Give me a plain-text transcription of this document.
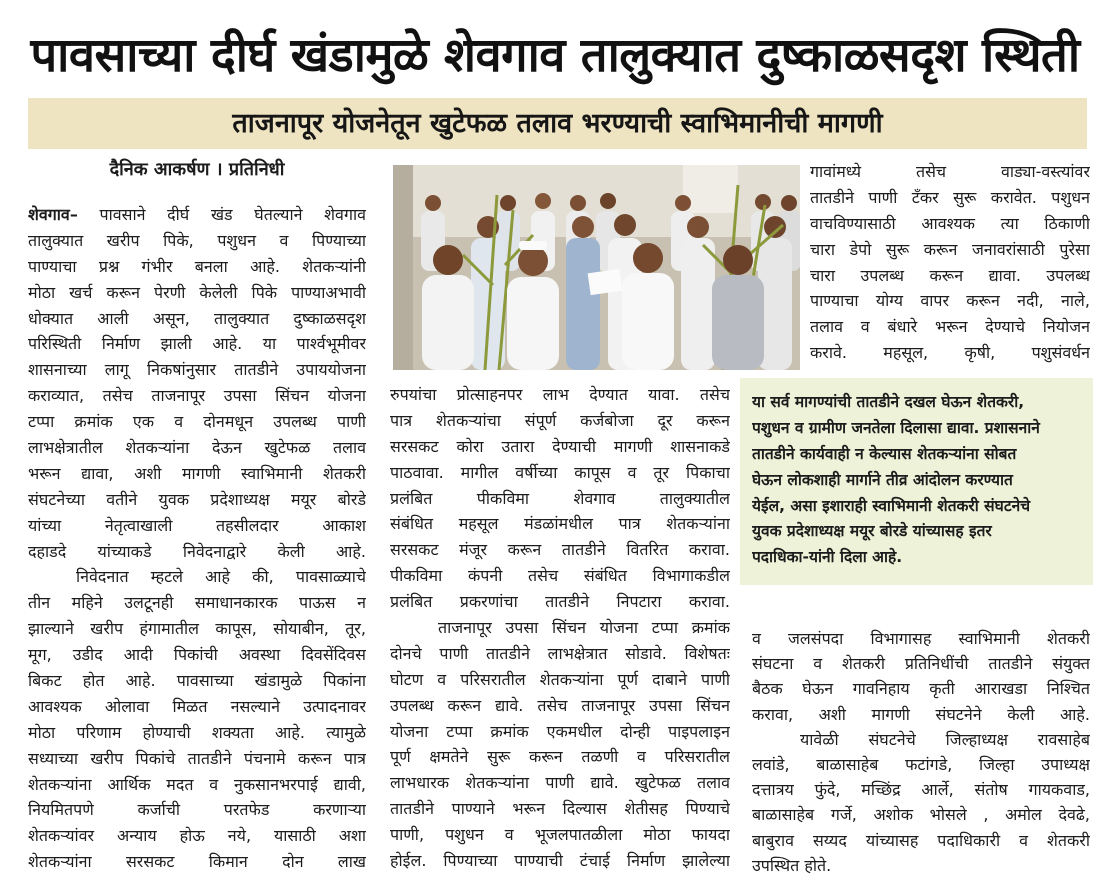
पावसाच्या दीर्घ खंडामुळे शेवगाव तालुक्यात दुष्काळसदृश स्थिती
ताजनापूर योजनेतून खुटेफळ तलाव भरण्याची स्वाभिमानीची मागणी
दैनिक आकर्षण । प्रतिनिधी
शेवगाव– पावसाने दीर्घ खंड घेतल्याने शेवगाव
तालुक्यात खरीप पिके, पशुधन व पिण्याच्या
पाण्याचा प्रश्न गंभीर बनला आहे. शेतकऱ्यांनी
मोठा खर्च करून पेरणी केलेली पिके पाण्याअभावी
धोक्यात आली असून, तालुक्यात दुष्काळसदृश
परिस्थिती निर्माण झाली आहे. या पार्श्वभूमीवर
शासनाच्या लागू निकषांनुसार तातडीने उपाययोजना
कराव्यात, तसेच ताजनापूर उपसा सिंचन योजना
टप्पा क्रमांक एक व दोनमधून उपलब्ध पाणी
लाभक्षेत्रातील शेतकऱ्यांना देऊन खुटेफळ तलाव
भरून द्यावा, अशी मागणी स्वाभिमानी शेतकरी
संघटनेच्या वतीने युवक प्रदेशाध्यक्ष मयूर बोरडे
यांच्या नेतृत्वाखाली तहसीलदार आकाश
दहाडदे यांच्याकडे निवेदनाद्वारे केली आहे.
निवेदनात म्हटले आहे की, पावसाळ्याचे
तीन महिने उलटूनही समाधानकारक पाऊस न
झाल्याने खरीप हंगामातील कापूस, सोयाबीन, तूर,
मूग, उडीद आदी पिकांची अवस्था दिवसेंदिवस
बिकट होत आहे. पावसाच्या खंडामुळे पिकांना
आवश्यक ओलावा मिळत नसल्याने उत्पादनावर
मोठा परिणाम होण्याची शक्यता आहे. त्यामुळे
सध्याच्या खरीप पिकांचे तातडीने पंचनामे करून पात्र
शेतकऱ्यांना आर्थिक मदत व नुकसानभरपाई द्यावी,
नियमितपणे कर्जाची परतफेड करणाऱ्या
शेतकऱ्यांवर अन्याय होऊ नये, यासाठी अशा
शेतकऱ्यांना सरसकट किमान दोन लाख
रुपयांचा प्रोत्साहनपर लाभ देण्यात यावा. तसेच
पात्र शेतकऱ्यांचा संपूर्ण कर्जबोजा दूर करून
सरसकट कोरा उतारा देण्याची मागणी शासनाकडे
पाठवावा. मागील वर्षीच्या कापूस व तूर पिकाचा
प्रलंबित पीकविमा शेवगाव तालुक्यातील
संबंधित महसूल मंडळांमधील पात्र शेतकऱ्यांना
सरसकट मंजूर करून तातडीने वितरित करावा.
पीकविमा कंपनी तसेच संबंधित विभागाकडील
प्रलंबित प्रकरणांचा तातडीने निपटारा करावा.
ताजनापूर उपसा सिंचन योजना टप्पा क्रमांक
दोनचे पाणी तातडीने लाभक्षेत्रात सोडावे. विशेषतः
घोटण व परिसरातील शेतकऱ्यांना पूर्ण दाबाने पाणी
उपलब्ध करून द्यावे. तसेच ताजनापूर उपसा सिंचन
योजना टप्पा क्रमांक एकमधील दोन्ही पाइपलाइन
पूर्ण क्षमतेने सुरू करून तळणी व परिसरातील
लाभधारक शेतकऱ्यांना पाणी द्यावे. खुटेफळ तलाव
तातडीने पाण्याने भरून दिल्यास शेतीसह पिण्याचे
पाणी, पशुधन व भूजलपातळीला मोठा फायदा
होईल. पिण्याच्या पाण्याची टंचाई निर्माण झालेल्या
गावांमध्ये तसेच वाड्या-वस्त्यांवर
तातडीने पाणी टँकर सुरू करावेत. पशुधन
वाचविण्यासाठी आवश्यक त्या ठिकाणी
चारा डेपो सुरू करून जनावरांसाठी पुरेसा
चारा उपलब्ध करून द्यावा. उपलब्ध
पाण्याचा योग्य वापर करून नदी, नाले,
तलाव व बंधारे भरून देण्याचे नियोजन
करावे. महसूल, कृषी, पशुसंवर्धन
या सर्व मागण्यांची तातडीने दखल घेऊन शेतकरी,
पशुधन व ग्रामीण जनतेला दिलासा द्यावा. प्रशासनाने
तातडीने कार्यवाही न केल्यास शेतकऱ्यांना सोबत
घेऊन लोकशाही मार्गाने तीव्र आंदोलन करण्यात
येईल, असा इशाराही स्वाभिमानी शेतकरी संघटनेचे
युवक प्रदेशाध्यक्ष मयूर बोरडे यांच्यासह इतर
पदाधिका-यांनी दिला आहे.
व जलसंपदा विभागासह स्वाभिमानी शेतकरी
संघटना व शेतकरी प्रतिनिधींची तातडीने संयुक्त
बैठक घेऊन गावनिहाय कृती आराखडा निश्चित
करावा, अशी मागणी संघटनेने केली आहे.
यावेळी संघटनेचे जिल्हाध्यक्ष रावसाहेब
लवांडे, बाळासाहेब फटांगडे, जिल्हा उपाध्यक्ष
दत्तात्रय फुंदे, मच्छिंद्र आर्ले, संतोष गायकवाड,
बाळासाहेब गर्जे, अशोक भोसले , अमोल देवढे,
बाबुराव सय्यद यांच्यासह पदाधिकारी व शेतकरी
उपस्थित होते.
